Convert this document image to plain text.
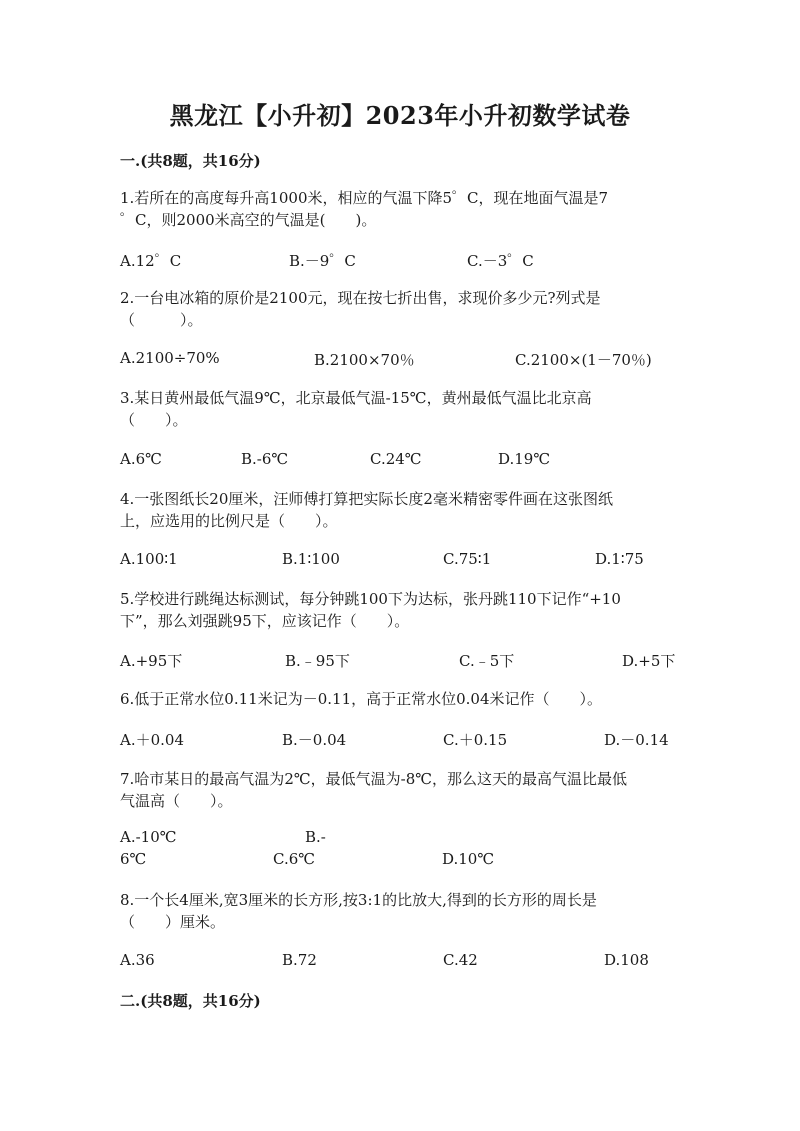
黑龙江【小升初】2023年小升初数学试卷
一.(共8题，共16分)
1.若所在的高度每升高1000米，相应的气温下降5゜C，现在地面气温是7
゜C，则2000米高空的气温是(　　)。
A.12゜C	B.－9゜C	C.－3゜C
2.一台电冰箱的原价是2100元，现在按七折出售，求现价多少元?列式是
（　　　）。
A.2100÷70%	B.2100×70％	C.2100×(1－70％)
3.某日黄州最低气温9℃，北京最低气温-15℃，黄州最低气温比北京高
（　　）。
A.6℃	B.-6℃	C.24℃	D.19℃
4.一张图纸长20厘米，汪师傅打算把实际长度2毫米精密零件画在这张图纸
上，应选用的比例尺是（　　）。
A.100∶1	B.1∶100	C.75∶1	D.1∶75
5.学校进行跳绳达标测试，每分钟跳100下为达标，张丹跳110下记作“+10
下”，那么刘强跳95下，应该记作（　　）。
A.+95下	B.﹣95下	C.﹣5下	D.+5下
6.低于正常水位0.11米记为－0.11，高于正常水位0.04米记作（　　）。
A.＋0.04	B.－0.04	C.＋0.15	D.－0.14
7.哈市某日的最高气温为2℃，最低气温为-8℃，那么这天的最高气温比最低
气温高（　　）。
A.-10℃	B.-
6℃	C.6℃	D.10℃
8.一个长4厘米,宽3厘米的长方形,按3:1的比放大,得到的长方形的周长是
（　　）厘米。
A.36	B.72	C.42	D.108
二.(共8题，共16分)
